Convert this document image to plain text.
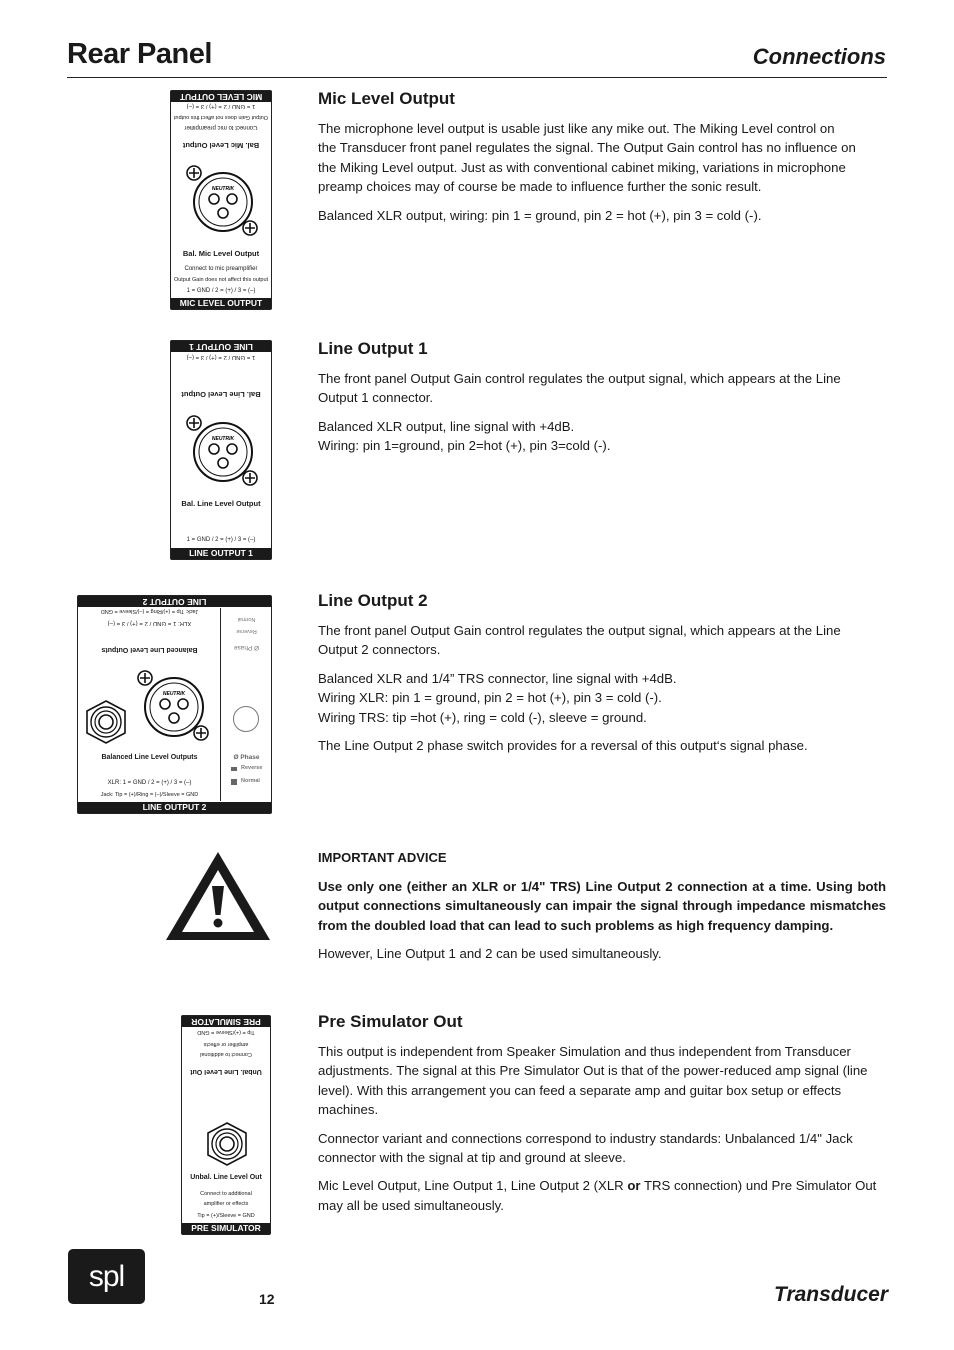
Rear Panel	Connections
MIC LEVEL OUTPUT
1 = GND / 2 = (+) / 3 = (–)
Output Gain does not affect this output
Connect to mic preamplifier
Bal. Mic Level Output
NEUTRIK
Bal. Mic Level Output
Connect to mic preamplifier
Output Gain does not affect this output
1 = GND / 2 = (+) / 3 = (–)
MIC LEVEL OUTPUT
Mic Level Output

The microphone level output is usable just like any mike out. The Miking Level control on
the Transducer front panel regulates the signal. The Output Gain control has no influence on
the Miking Level output. Just as with conventional cabinet miking, variations in microphone
preamp choices may of course be made to influence further the sonic result.

Balanced XLR output, wiring: pin 1 = ground, pin 2 = hot (+), pin 3 = cold (-).

LINE OUTPUT 1
1 = GND / 2 = (+) / 3 = (–)
Bal. Line Level Output
NEUTRIK
Bal. Line Level Output
1 = GND / 2 = (+) / 3 = (–)
LINE OUTPUT 1
Line Output 1

The front panel Output Gain control regulates the output signal, which appears at the Line
Output 1 connector.

Balanced XLR output, line signal with +4dB.
Wiring: pin 1=ground, pin 2=hot (+), pin 3=cold (-).

LINE OUTPUT 2
Jack: Tip = (+)/Ring = (–)/Sleeve = GND
XLR: 1 = GND / 2 = (+) / 3 = (–)
Balanced Line Level Outputs
Normal
Reverse
Ø Phase
Ø Phase
Reverse
Normal
NEUTRIK
Balanced Line Level Outputs
XLR: 1 = GND / 2 = (+) / 3 = (–)
Jack: Tip = (+)/Ring = (–)/Sleeve = GND
LINE OUTPUT 2
Line Output 2

The front panel Output Gain control regulates the output signal, which appears at the Line
Output 2 connectors.

Balanced XLR and 1/4” TRS connector, line signal with +4dB.
Wiring XLR: pin 1 = ground, pin 2 = hot (+), pin 3 = cold (-).
Wiring TRS: tip =hot (+), ring = cold (-), sleeve = ground.

The Line Output 2 phase switch provides for a reversal of this output‘s signal phase.

IMPORTANT ADVICE

Use only one (either an XLR or 1/4" TRS) Line Output 2 connection at a time. Using both output connections simultaneously can impair the signal through impedance mismatches from the doubled load that can lead to such problems as high frequency damping.

However, Line Output 1 and 2 can be used simultaneously.

PRE SIMULATOR OUT
Tip = (+)/Sleeve = GND
amplifier or effects
Connect to additional
Unbal. Line Level Out
Unbal. Line Level Out
Connect to additional
amplifier or effects
Tip = (+)/Sleeve = GND
PRE SIMULATOR OUT
Pre Simulator Out

This output is independent from Speaker Simulation and thus independent from Transducer
adjustments. The signal at this Pre Simulator Out is that of the power-reduced amp signal (line
level). With this arrangement you can feed a separate amp and guitar box setup or effects
machines.

Connector variant and connections correspond to industry standards: Unbalanced 1/4" Jack
connector with the signal at tip and ground at sleeve.

Mic Level Output, Line Output 1, Line Output 2 (XLR or TRS connection) und Pre Simulator Out
may all be used simultaneously.

spl
12	Transducer
